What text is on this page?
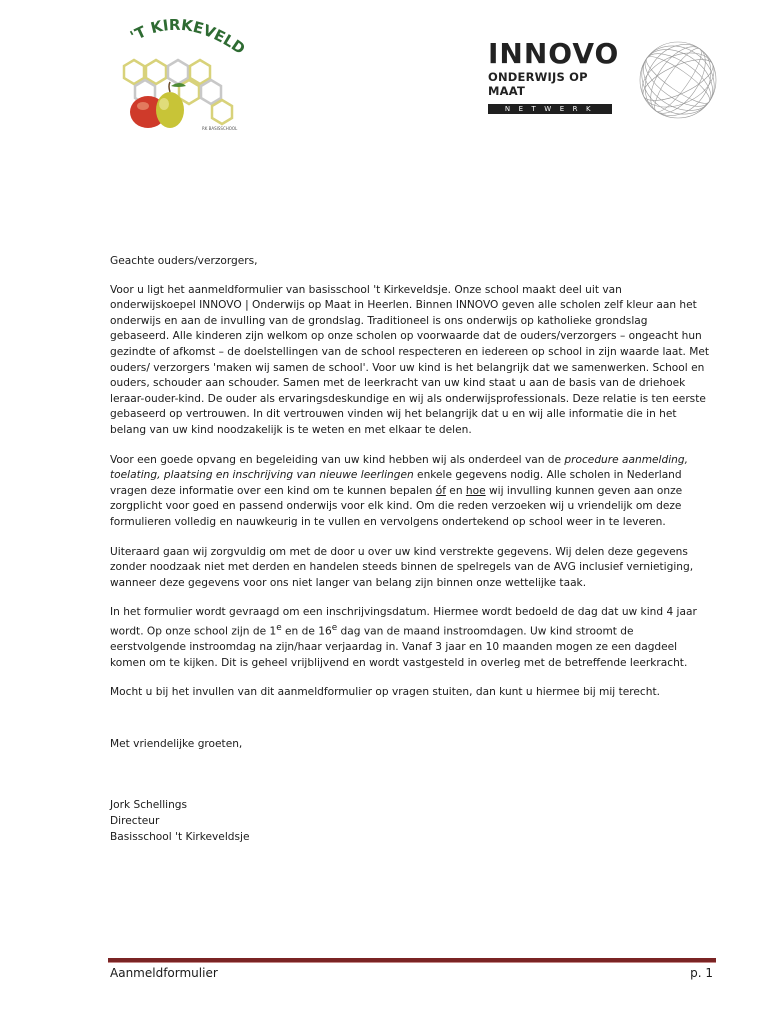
'T KIRKEVELD
RK BASISSCHOOL
INNOVO
ONDERWIJS OP MAAT
NETWERK

Geachte ouders/verzorgers,

Voor u ligt het aanmeldformulier van basisschool 't Kirkeveldsje. Onze school maakt deel uit van onderwijskoepel INNOVO | Onderwijs op Maat in Heerlen. Binnen INNOVO geven alle scholen zelf kleur aan het onderwijs en aan de invulling van de grondslag. Traditioneel is ons onderwijs op katholieke grondslag gebaseerd. Alle kinderen zijn welkom op onze scholen op voorwaarde dat de ouders/verzorgers – ongeacht hun gezindte of afkomst – de doelstellingen van de school respecteren en iedereen op school in zijn waarde laat. Met ouders/ verzorgers 'maken wij samen de school'. Voor uw kind is het belangrijk dat we samenwerken. School en ouders, schouder aan schouder. Samen met de leerkracht van uw kind staat u aan de basis van de driehoek leraar-ouder-kind. De ouder als ervaringsdeskundige en wij als onderwijsprofessionals. Deze relatie is ten eerste gebaseerd op vertrouwen. In dit vertrouwen vinden wij het belangrijk dat u en wij alle informatie die in het belang van uw kind noodzakelijk is te weten en met elkaar te delen.

Voor een goede opvang en begeleiding van uw kind hebben wij als onderdeel van de procedure aanmelding, toelating, plaatsing en inschrijving van nieuwe leerlingen enkele gegevens nodig. Alle scholen in Nederland vragen deze informatie over een kind om te kunnen bepalen óf en hoe wij invulling kunnen geven aan onze zorgplicht voor goed en passend onderwijs voor elk kind. Om die reden verzoeken wij u vriendelijk om deze formulieren volledig en nauwkeurig in te vullen en vervolgens ondertekend op school weer in te leveren.

Uiteraard gaan wij zorgvuldig om met de door u over uw kind verstrekte gegevens. Wij delen deze gegevens zonder noodzaak niet met derden en handelen steeds binnen de spelregels van de AVG inclusief vernietiging, wanneer deze gegevens voor ons niet langer van belang zijn binnen onze wettelijke taak.

In het formulier wordt gevraagd om een inschrijvingsdatum. Hiermee wordt bedoeld de dag dat uw kind 4 jaar wordt. Op onze school zijn de 1e en de 16e dag van de maand instroomdagen. Uw kind stroomt de eerstvolgende instroomdag na zijn/haar verjaardag in. Vanaf 3 jaar en 10 maanden mogen ze een dagdeel komen om te kijken. Dit is geheel vrijblijvend en wordt vastgesteld in overleg met de betreffende leerkracht.

Mocht u bij het invullen van dit aanmeldformulier op vragen stuiten, dan kunt u hiermee bij mij terecht.

Met vriendelijke groeten,

Jork Schellings

Directeur

Basisschool 't Kirkeveldsje

Aanmeldformulier	p. 1
